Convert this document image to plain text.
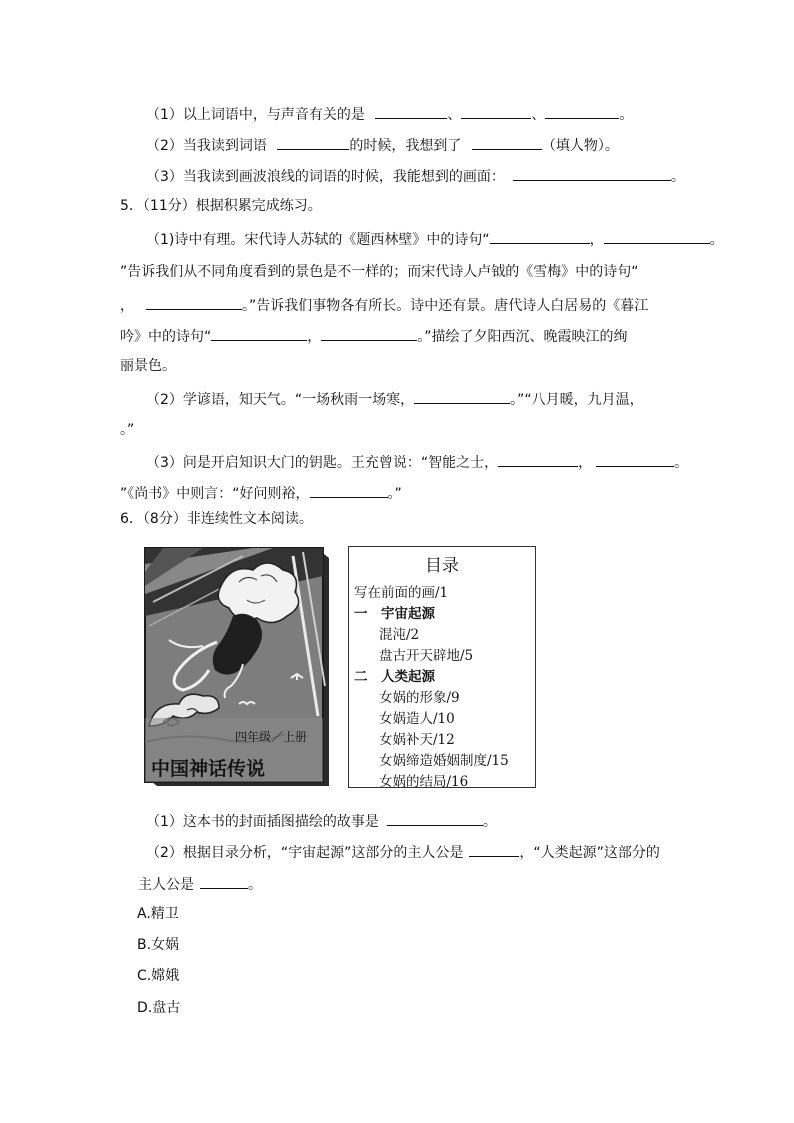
（1）以上词语中，与声音有关的是	、	、	。
（2）当我读到词语	的时候，我想到了	（填人物）。
（3）当我读到画波浪线的词语的时候，我能想到的画面：	。
5．（11分）根据积累完成练习。
（1)诗中有理。宋代诗人苏轼的《题西林壁》中的诗句“	，	。
”告诉我们从不同角度看到的景色是不一样的；而宋代诗人卢钺的《雪梅》中的诗句“
，	。”告诉我们事物各有所长。诗中还有景。唐代诗人白居易的《暮江
吟》中的诗句“	，	。”描绘了夕阳西沉、晚霞映江的绚
丽景色。
（2）学谚语，知天气。“一场秋雨一场寒，	。”“八月暖，九月温，
。”
（3）问是开启知识大门的钥匙。王充曾说：“智能之士，	，	。
”《尚书》中则言：“好问则裕，	。”
6．（8分）非连续性文本阅读。
四年级／上册
中国神话传说
目录
写在前面的画/1
一　宇宙起源
混沌/2
盘古开天辟地/5
二　人类起源
女娲的形象/9
女娲造人/10
女娲补天/12
女娲缔造婚姻制度/15
女娲的结局/16
（1）这本书的封面插图描绘的故事是	。
（2）根据目录分析，“宇宙起源”这部分的主人公是	，“人类起源”这部分的
主人公是	。
A.精卫
B.女娲
C.嫦娥
D.盘古
